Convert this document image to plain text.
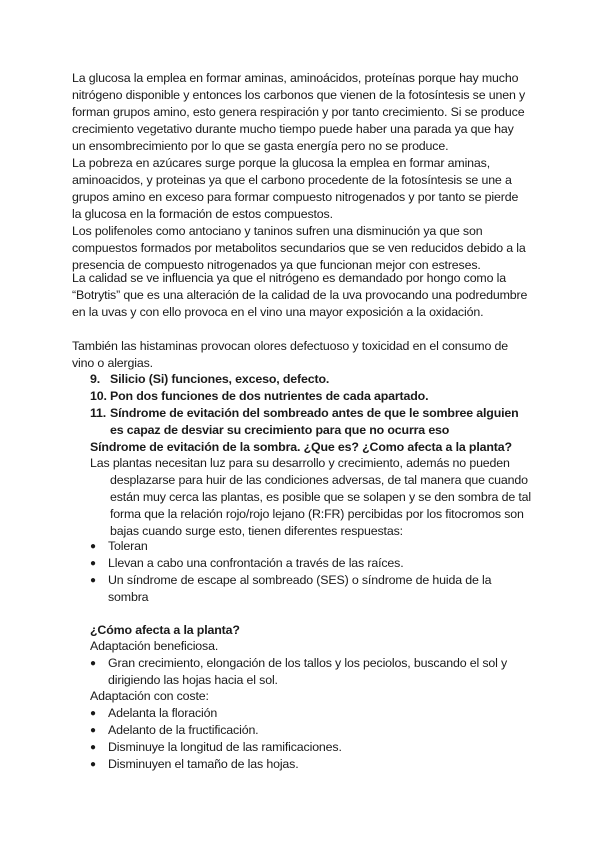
La glucosa la emplea en formar aminas, aminoácidos, proteínas porque hay mucho nitrógeno disponible y entonces los carbonos que vienen de la fotosíntesis se unen y forman grupos amino, esto genera respiración y por tanto crecimiento. Si se produce crecimiento vegetativo durante mucho tiempo puede haber una parada ya que hay un ensombrecimiento por lo que se gasta energía pero no se produce.

La pobreza en azúcares surge porque la glucosa la emplea en formar aminas, aminoacidos, y proteinas ya que el carbono procedente de la fotosíntesis se une a grupos amino en exceso para formar compuesto nitrogenados y por tanto se pierde la glucosa en la formación de estos compuestos.

Los polifenoles como antociano y taninos sufren una disminución ya que son compuestos formados por metabolitos secundarios que se ven reducidos debido a la presencia de compuesto nitrogenados ya que funcionan mejor con estreses.

La calidad se ve influencia ya que el nitrógeno es demandado por hongo como la “Botrytis” que es una alteración de la calidad de la uva provocando una podredumbre en la uvas y con ello provoca en el vino una mayor exposición a la oxidación.

También las histaminas provocan olores defectuoso y toxicidad en el consumo de vino o alergias.

9. Silicio (Si) funciones, exceso, defecto.
10. Pon dos funciones de dos nutrientes de cada apartado.
11. Síndrome de evitación del sombreado antes de que le sombree alguien es capaz de desviar su crecimiento para que no ocurra eso
Síndrome de evitación de la sombra. ¿Que es? ¿Como afecta a la planta?
Las plantas necesitan luz para su desarrollo y crecimiento, además no pueden desplazarse para huir de las condiciones adversas, de tal manera que cuando están muy cerca las plantas, es posible que se solapen y se den sombra de tal forma que la relación rojo/rojo lejano (R:FR) percibidas por los fitocromos son bajas cuando surge esto, tienen diferentes respuestas:
● Toleran
● Llevan a cabo una confrontación a través de las raíces.
● Un síndrome de escape al sombreado (SES) o síndrome de huida de la sombra
¿Cómo afecta a la planta?
Adaptación beneficiosa.
● Gran crecimiento, elongación de los tallos y los peciolos, buscando el sol y dirigiendo las hojas hacia el sol.
Adaptación con coste:
● Adelanta la floración
● Adelanto de la fructificación.
● Disminuye la longitud de las ramificaciones.
● Disminuyen el tamaño de las hojas.
